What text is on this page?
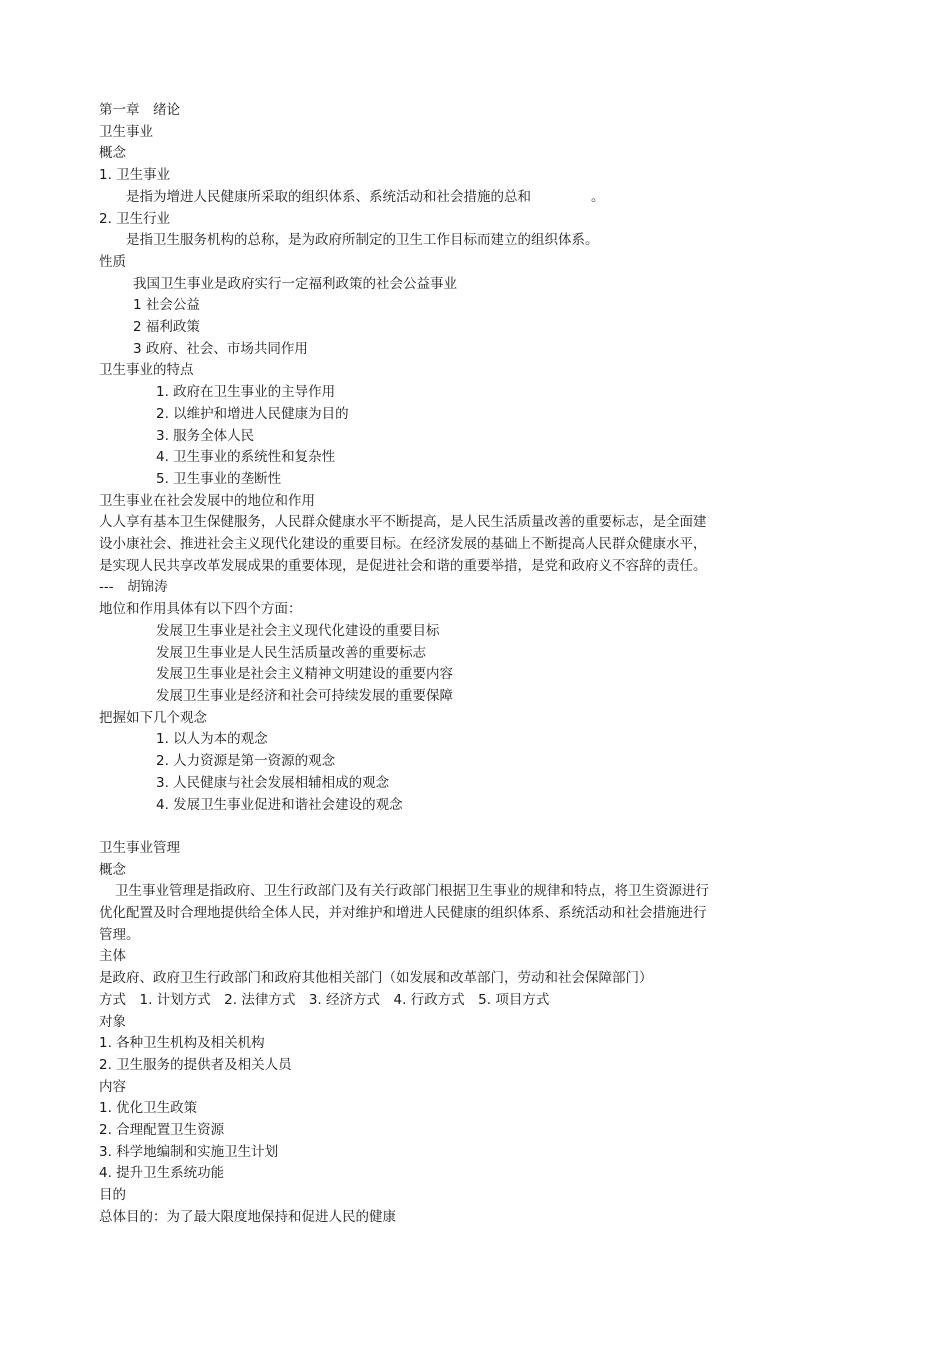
第一章　绪论
卫生事业
概念
1. 卫生事业
是指为增进人民健康所采取的组织体系、系统活动和社会措施的总和	。
2. 卫生行业
是指卫生服务机构的总称，是为政府所制定的卫生工作目标而建立的组织体系。
性质
我国卫生事业是政府实行一定福利政策的社会公益事业
1 社会公益
2 福利政策
3 政府、社会、市场共同作用
卫生事业的特点
1. 政府在卫生事业的主导作用
2. 以维护和增进人民健康为目的
3. 服务全体人民
4. 卫生事业的系统性和复杂性
5. 卫生事业的垄断性
卫生事业在社会发展中的地位和作用
人人享有基本卫生保健服务，人民群众健康水平不断提高，是人民生活质量改善的重要标志，是全面建
设小康社会、推进社会主义现代化建设的重要目标。在经济发展的基础上不断提高人民群众健康水平，
是实现人民共享改革发展成果的重要体现，是促进社会和谐的重要举措，是党和政府义不容辞的责任。
---　胡锦涛
地位和作用具体有以下四个方面：
发展卫生事业是社会主义现代化建设的重要目标
发展卫生事业是人民生活质量改善的重要标志
发展卫生事业是社会主义精神文明建设的重要内容
发展卫生事业是经济和社会可持续发展的重要保障
把握如下几个观念
1. 以人为本的观念
2. 人力资源是第一资源的观念
3. 人民健康与社会发展相辅相成的观念
4. 发展卫生事业促进和谐社会建设的观念
卫生事业管理
概念
卫生事业管理是指政府、卫生行政部门及有关行政部门根据卫生事业的规律和特点，将卫生资源进行
优化配置及时合理地提供给全体人民，并对维护和增进人民健康的组织体系、系统活动和社会措施进行
管理。
主体
是政府、政府卫生行政部门和政府其他相关部门（如发展和改革部门，劳动和社会保障部门）
方式　1. 计划方式　2. 法律方式　3. 经济方式　4. 行政方式　5. 项目方式
对象
1. 各种卫生机构及相关机构
2. 卫生服务的提供者及相关人员
内容
1. 优化卫生政策
2. 合理配置卫生资源
3. 科学地编制和实施卫生计划
4. 提升卫生系统功能
目的
总体目的：为了最大限度地保持和促进人民的健康
